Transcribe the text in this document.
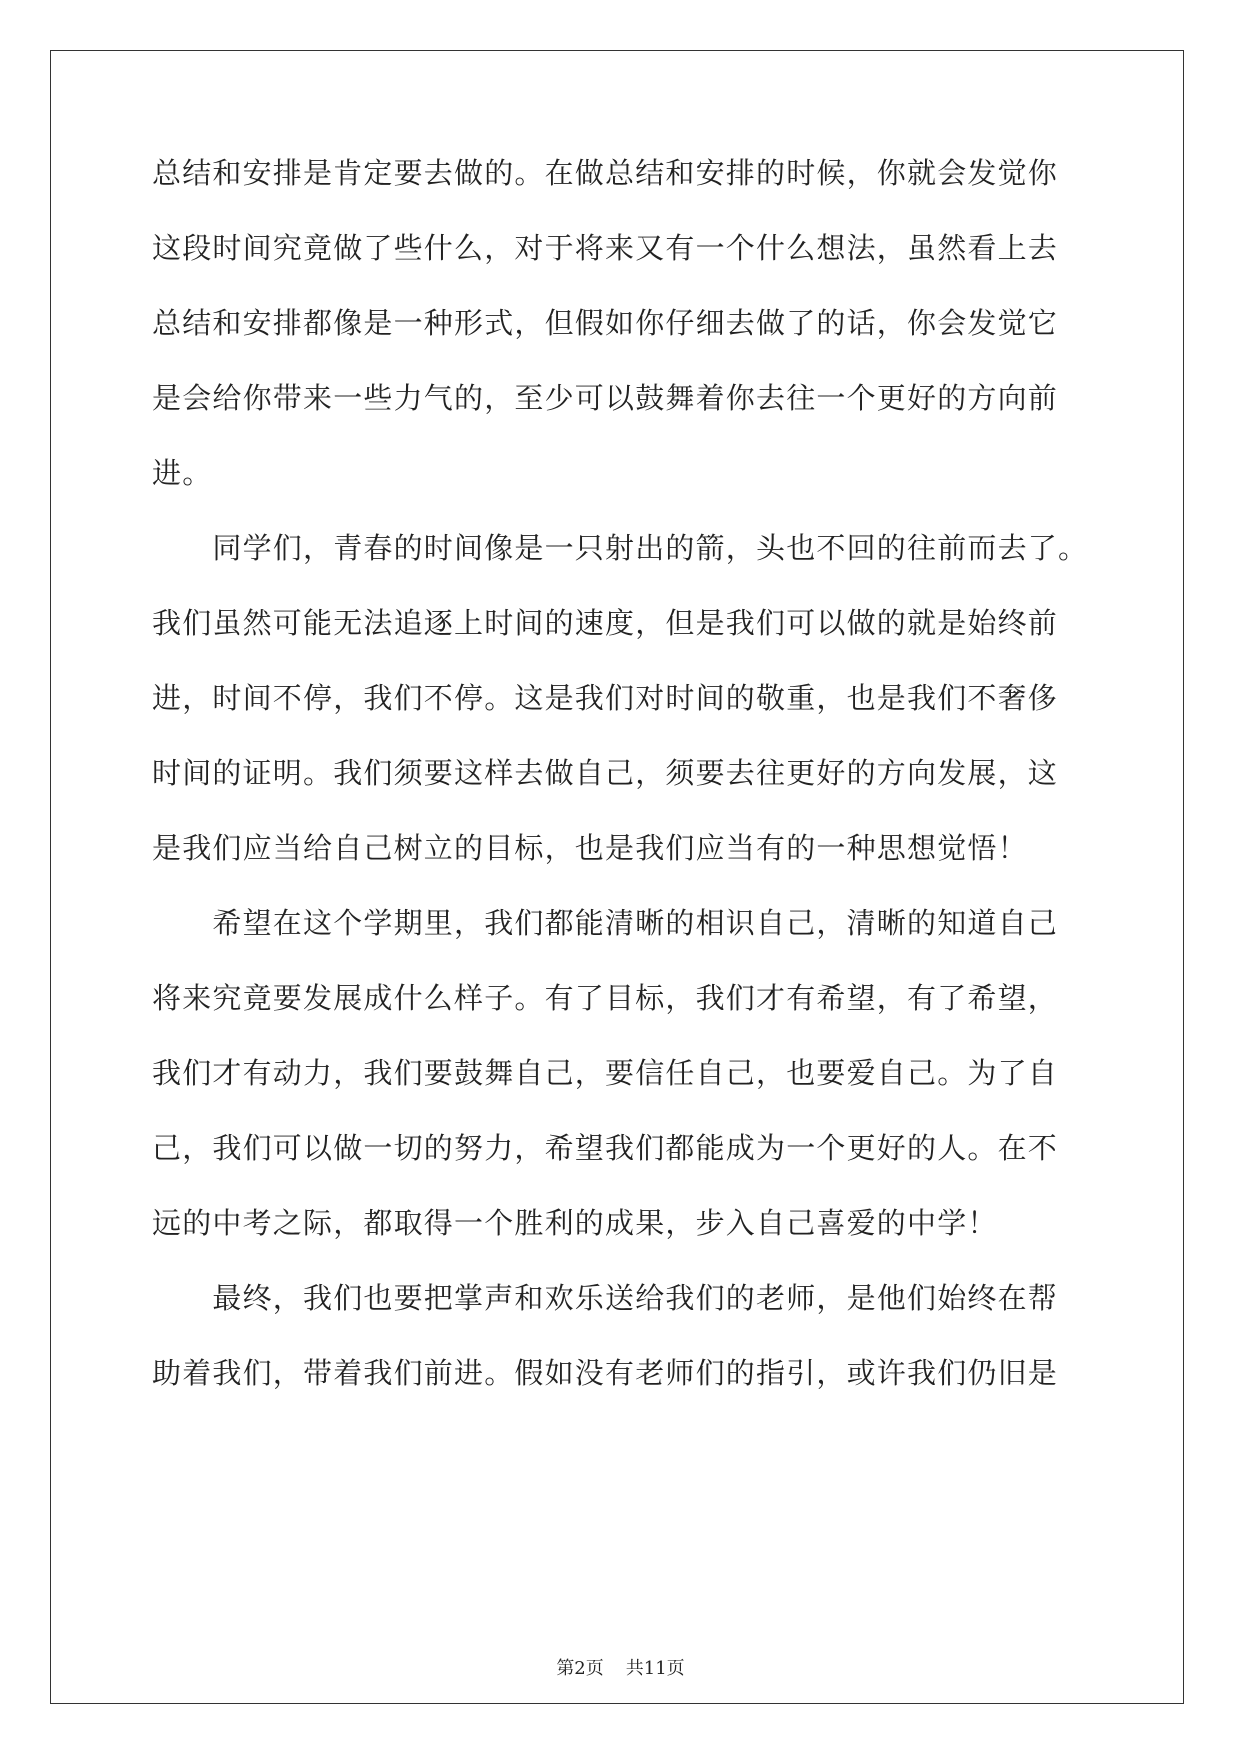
总结和安排是肯定要去做的。在做总结和安排的时候，你就会发觉你

这段时间究竟做了些什么，对于将来又有一个什么想法，虽然看上去

总结和安排都像是一种形式，但假如你仔细去做了的话，你会发觉它

是会给你带来一些力气的，至少可以鼓舞着你去往一个更好的方向前

进。

　　同学们，青春的时间像是一只射出的箭，头也不回的往前而去了。

我们虽然可能无法追逐上时间的速度，但是我们可以做的就是始终前

进，时间不停，我们不停。这是我们对时间的敬重，也是我们不奢侈

时间的证明。我们须要这样去做自己，须要去往更好的方向发展，这

是我们应当给自己树立的目标，也是我们应当有的一种思想觉悟！

　　希望在这个学期里，我们都能清晰的相识自己，清晰的知道自己

将来究竟要发展成什么样子。有了目标，我们才有希望，有了希望，

我们才有动力，我们要鼓舞自己，要信任自己，也要爱自己。为了自

己，我们可以做一切的努力，希望我们都能成为一个更好的人。在不

远的中考之际，都取得一个胜利的成果，步入自己喜爱的中学！

　　最终，我们也要把掌声和欢乐送给我们的老师，是他们始终在帮

助着我们，带着我们前进。假如没有老师们的指引，或许我们仍旧是

第2页 共11页
